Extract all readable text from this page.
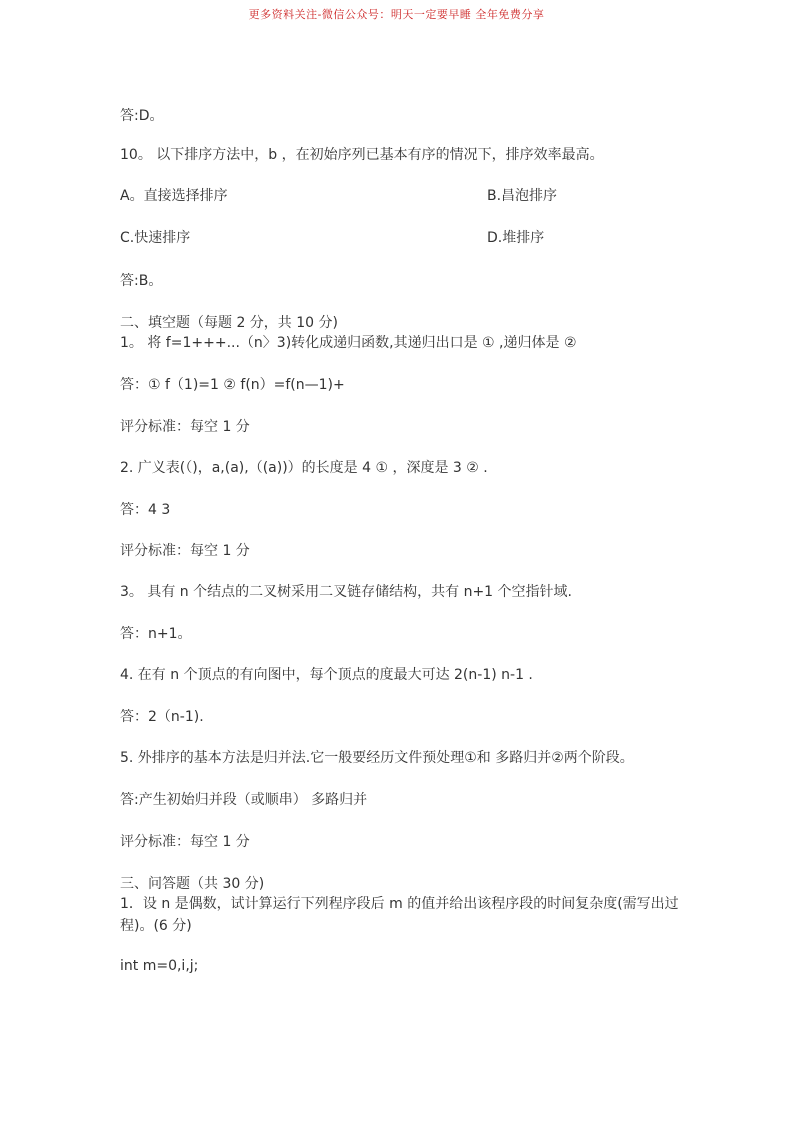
更多资料关注-微信公众号：明天一定要早睡 全年免费分享
答:D。
10。 以下排序方法中，b ，在初始序列已基本有序的情况下，排序效率最高。
A。直接选择排序	B.昌泡排序
C.快速排序	D.堆排序
答:B。
二、填空题（每题 2 分，共 10 分)
1。 将 f=1+++...（n〉3)转化成递归函数,其递归出口是 ① ,递归体是 ②
答：① f（1)=1 ② f(n）=f(n—1)+
评分标准：每空 1 分
2. 广义表(（)，a,(a),（(a))）的长度是 4 ① ，深度是 3 ② .
答：4 3
评分标准：每空 1 分
3。 具有 n 个结点的二叉树采用二叉链存储结构，共有 n+1 个空指针域.
答：n+1。
4. 在有 n 个顶点的有向图中，每个顶点的度最大可达 2(n-1) n-1 .
答：2（n-1).
5. 外排序的基本方法是归并法.它一般要经历文件预处理①和 多路归并②两个阶段。
答:产生初始归并段（或顺串） 多路归并
评分标准：每空 1 分
三、问答题（共 30 分)
1．设 n 是偶数，试计算运行下列程序段后 m 的值并给出该程序段的时间复杂度(需写出过程)。(6 分)
int m=0,i,j;
